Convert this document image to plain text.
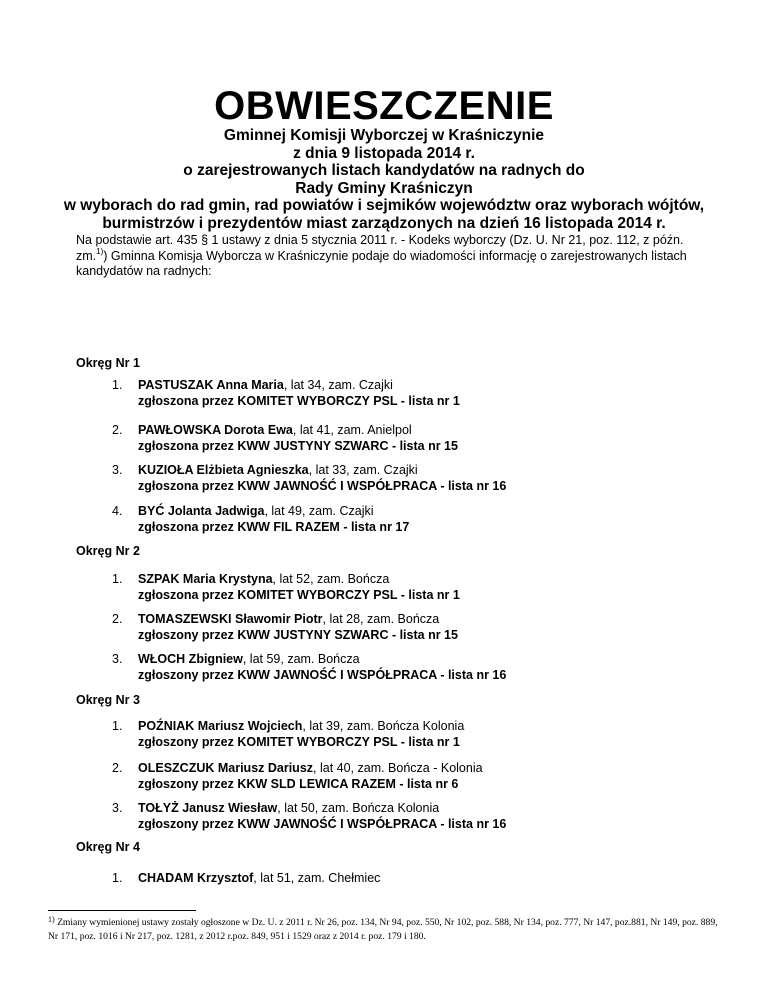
OBWIESZCZENIE
Gminnej Komisji Wyborczej w Kraśniczynie
z dnia 9 listopada 2014 r.
o zarejestrowanych listach kandydatów na radnych do
Rady Gminy Kraśniczyn
w wyborach do rad gmin, rad powiatów i sejmików województw oraz wyborach wójtów,
burmistrzów i prezydentów miast zarządzonych na dzień 16 listopada 2014 r.
Na podstawie art. 435 § 1 ustawy z dnia 5 stycznia 2011 r. - Kodeks wyborczy (Dz. U. Nr 21, poz. 112, z późn. zm.$^{1)}$) Gminna Komisja Wyborcza w Kraśniczynie podaje do wiadomości informację o zarejestrowanych listach kandydatów na radnych:
Okręg Nr 1
1. PASTUSZAK Anna Maria, lat 34, zam. Czajki
zgłoszona przez KOMITET WYBORCZY PSL - lista nr 1
2. PAWŁOWSKA Dorota Ewa, lat 41, zam. Anielpol
zgłoszona przez KWW JUSTYNY SZWARC - lista nr 15
3. KUZIOŁA Elżbieta Agnieszka, lat 33, zam. Czajki
zgłoszona przez KWW JAWNOŚĆ I WSPÓŁPRACA - lista nr 16
4. BYĆ Jolanta Jadwiga, lat 49, zam. Czajki
zgłoszona przez KWW FIL RAZEM - lista nr 17
Okręg Nr 2
1. SZPAK Maria Krystyna, lat 52, zam. Bończa
zgłoszona przez KOMITET WYBORCZY PSL - lista nr 1
2. TOMASZEWSKI Sławomir Piotr, lat 28, zam. Bończa
zgłoszony przez KWW JUSTYNY SZWARC - lista nr 15
3. WŁOCH Zbigniew, lat 59, zam. Bończa
zgłoszony przez KWW JAWNOŚĆ I WSPÓŁPRACA - lista nr 16
Okręg Nr 3
1. POŹNIAK Mariusz Wojciech, lat 39, zam. Bończa Kolonia
zgłoszony przez KOMITET WYBORCZY PSL - lista nr 1
2. OLESZCZUK Mariusz Dariusz, lat 40, zam. Bończa - Kolonia
zgłoszony przez KKW SLD LEWICA RAZEM - lista nr 6
3. TOŁYŻ Janusz Wiesław, lat 50, zam. Bończa Kolonia
zgłoszony przez KWW JAWNOŚĆ I WSPÓŁPRACA - lista nr 16
Okręg Nr 4
1. CHADAM Krzysztof, lat 51, zam. Chełmiec
$^{1)}$ Zmiany wymienionej ustawy zostały ogłoszone w Dz. U. z 2011 r. Nr 26, poz. 134, Nr 94, poz. 550, Nr 102, poz. 588, Nr 134, poz. 777, Nr 147, poz.881, Nr 149, poz. 889, Nr 171, poz. 1016 i Nr 217, poz. 1281, z 2012 r.poz. 849, 951 i 1529 oraz z 2014 r. poz. 179 i 180.
